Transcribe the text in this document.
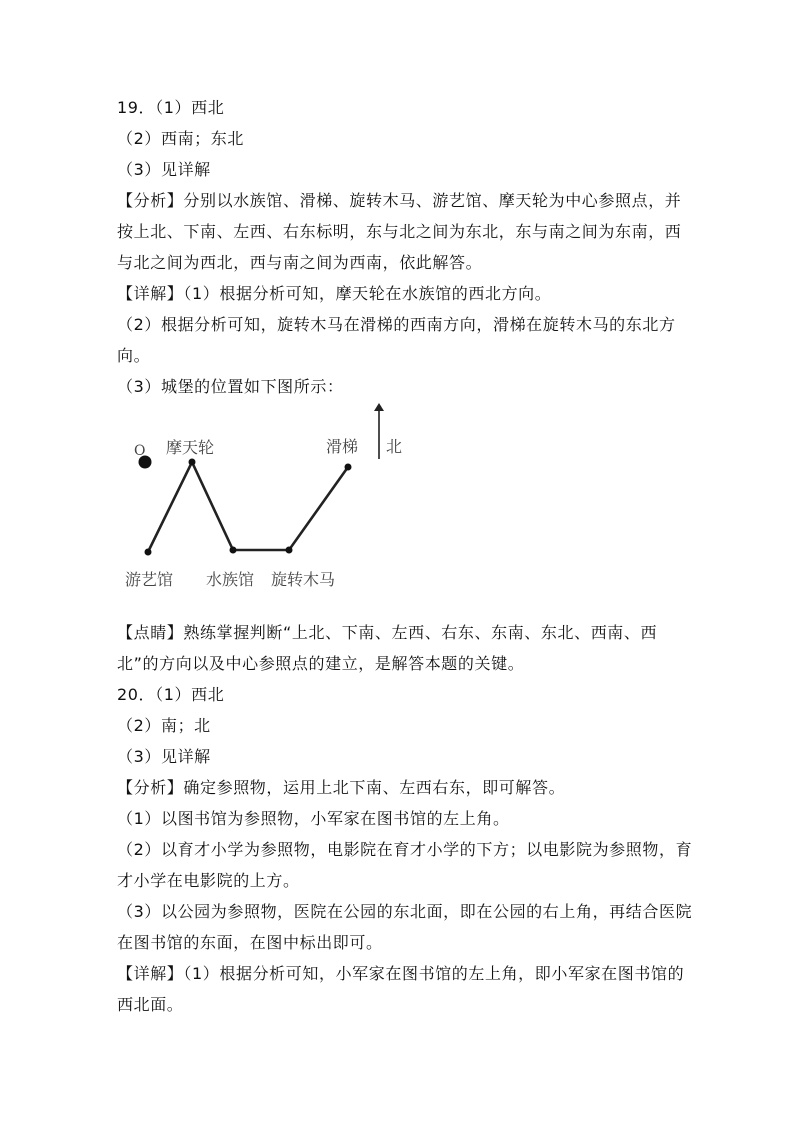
19．（1）西北
（2）西南；东北
（3）见详解
【分析】分别以水族馆、滑梯、旋转木马、游艺馆、摩天轮为中心参照点，并
按上北、下南、左西、右东标明，东与北之间为东北，东与南之间为东南，西
与北之间为西北，西与南之间为西南，依此解答。
【详解】（1）根据分析可知，摩天轮在水族馆的西北方向。
（2）根据分析可知，旋转木马在滑梯的西南方向，滑梯在旋转木马的东北方
向。
（3）城堡的位置如下图所示：
O	北
摩天轮	滑梯
游艺馆 水族馆 旋转木马
【点睛】熟练掌握判断“上北、下南、左西、右东、东南、东北、西南、西
北”的方向以及中心参照点的建立，是解答本题的关键。
20．（1）西北
（2）南；北
（3）见详解
【分析】确定参照物，运用上北下南、左西右东，即可解答。
（1）以图书馆为参照物，小军家在图书馆的左上角。
（2）以育才小学为参照物，电影院在育才小学的下方；以电影院为参照物，育
才小学在电影院的上方。
（3）以公园为参照物，医院在公园的东北面，即在公园的右上角，再结合医院
在图书馆的东面，在图中标出即可。
【详解】（1）根据分析可知，小军家在图书馆的左上角，即小军家在图书馆的
西北面。
